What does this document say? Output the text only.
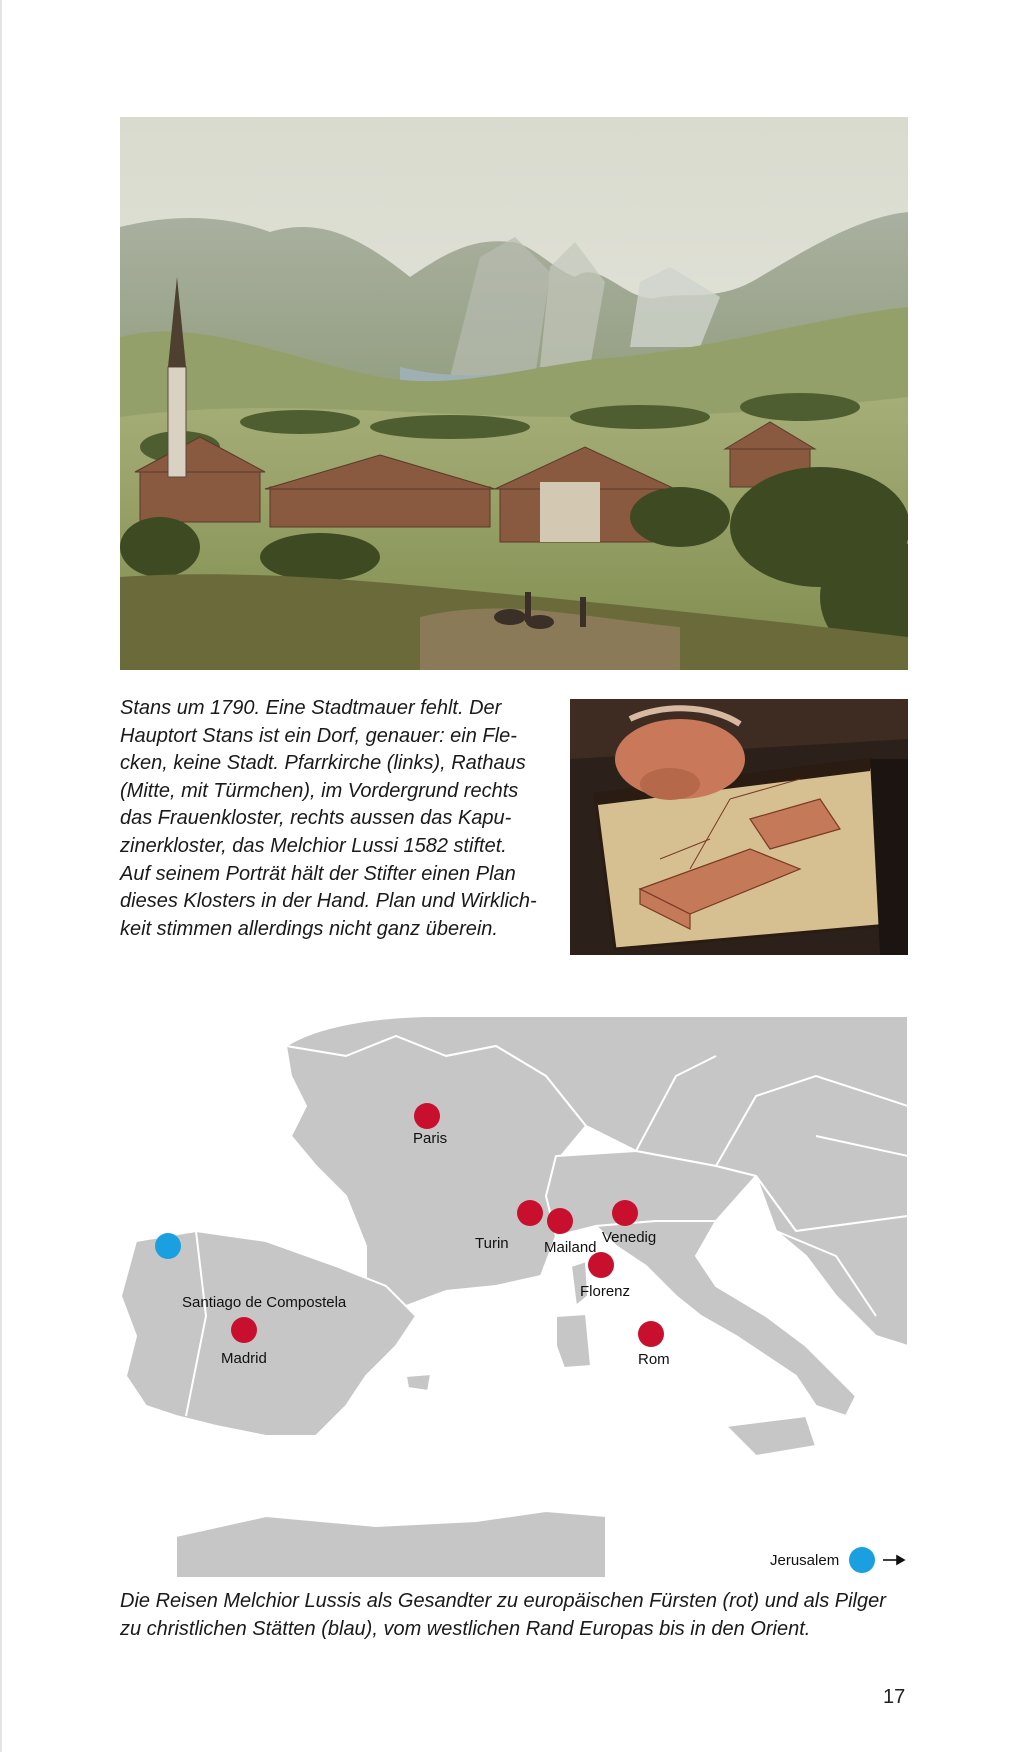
Stans um 1790. Eine Stadtmauer fehlt. Der
Hauptort Stans ist ein Dorf, genauer: ein Fle-
cken, keine Stadt. Pfarrkirche (links), Rathaus
(Mitte, mit Türmchen), im Vordergrund rechts
das Frauenkloster, rechts aussen das Kapu-
zinerkloster, das Melchior Lussi 1582 stiftet.
Auf seinem Porträt hält der Stifter einen Plan
dieses Klosters in der Hand. Plan und Wirklich-
keit stimmen allerdings nicht ganz überein.
Paris
Turin Mailand
Venedig
Florenz
Rom
Madrid
Santiago de Compostela
Jerusalem
Die Reisen Melchior Lussis als Gesandter zu europäischen Fürsten (rot) und als Pilger
zu christlichen Stätten (blau), vom westlichen Rand Europas bis in den Orient.
17
